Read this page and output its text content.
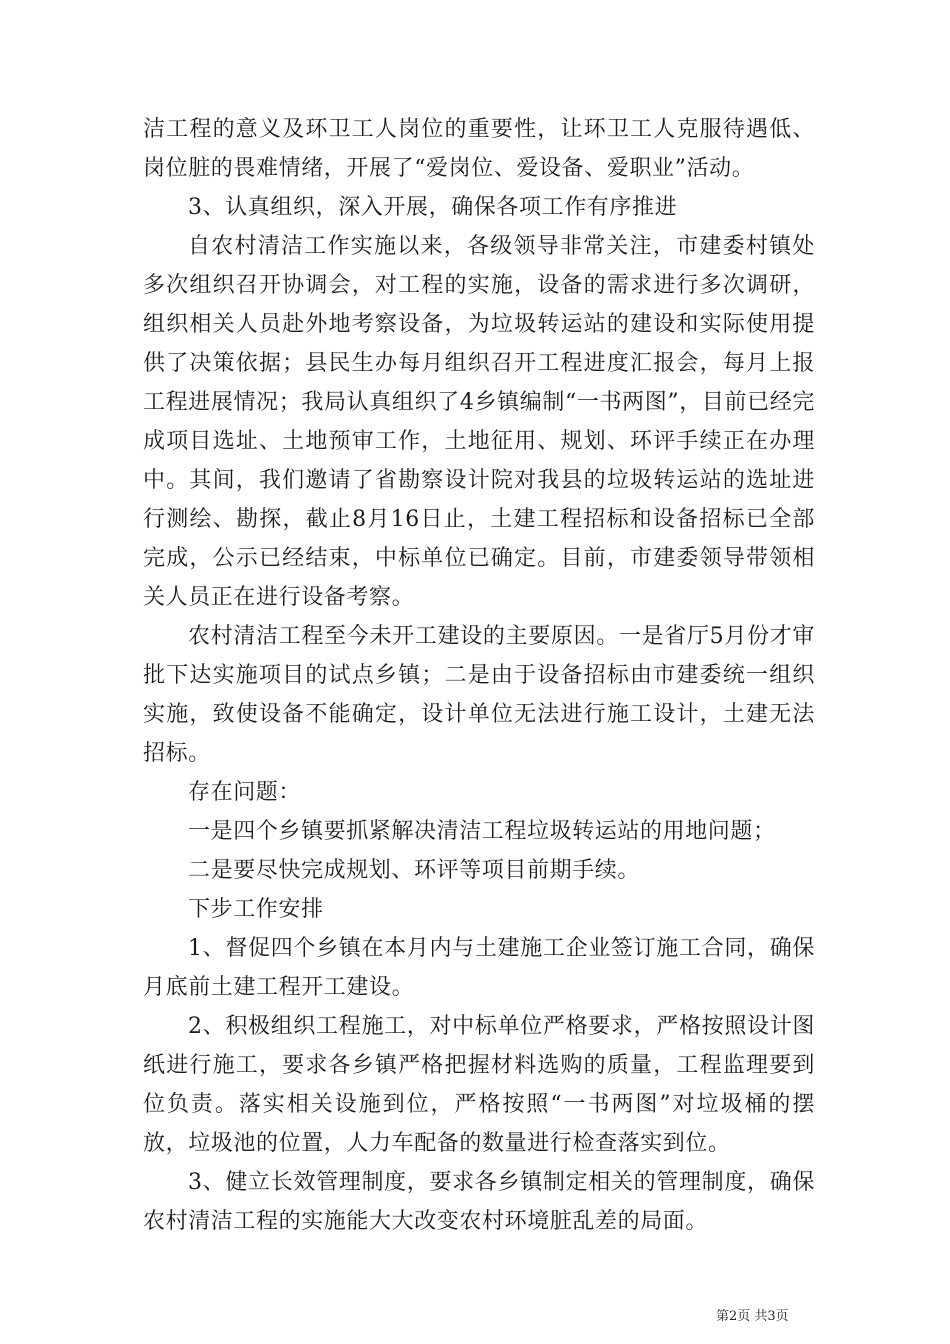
洁工程的意义及环卫工人岗位的重要性，让环卫工人克服待遇低、岗位脏的畏难情绪，开展了“爱岗位、爱设备、爱职业”活动。

3、认真组织，深入开展，确保各项工作有序推进

自农村清洁工作实施以来，各级领导非常关注，市建委村镇处多次组织召开协调会，对工程的实施，设备的需求进行多次调研，组织相关人员赴外地考察设备，为垃圾转运站的建设和实际使用提供了决策依据；县民生办每月组织召开工程进度汇报会，每月上报工程进展情况；我局认真组织了4乡镇编制“一书两图”，目前已经完成项目选址、土地预审工作，土地征用、规划、环评手续正在办理中。其间，我们邀请了省勘察设计院对我县的垃圾转运站的选址进行测绘、勘探，截止8月16日止，土建工程招标和设备招标已全部完成，公示已经结束，中标单位已确定。目前，市建委领导带领相关人员正在进行设备考察。

农村清洁工程至今未开工建设的主要原因。一是省厅5月份才审批下达实施项目的试点乡镇；二是由于设备招标由市建委统一组织实施，致使设备不能确定，设计单位无法进行施工设计，土建无法招标。

存在问题：

一是四个乡镇要抓紧解决清洁工程垃圾转运站的用地问题；

二是要尽快完成规划、环评等项目前期手续。

下步工作安排

1、督促四个乡镇在本月内与土建施工企业签订施工合同，确保月底前土建工程开工建设。

2、积极组织工程施工，对中标单位严格要求，严格按照设计图纸进行施工，要求各乡镇严格把握材料选购的质量，工程监理要到位负责。落实相关设施到位，严格按照“一书两图”对垃圾桶的摆放，垃圾池的位置，人力车配备的数量进行检查落实到位。

3、健立长效管理制度，要求各乡镇制定相关的管理制度，确保农村清洁工程的实施能大大改变农村环境脏乱差的局面。

第2页 共3页
